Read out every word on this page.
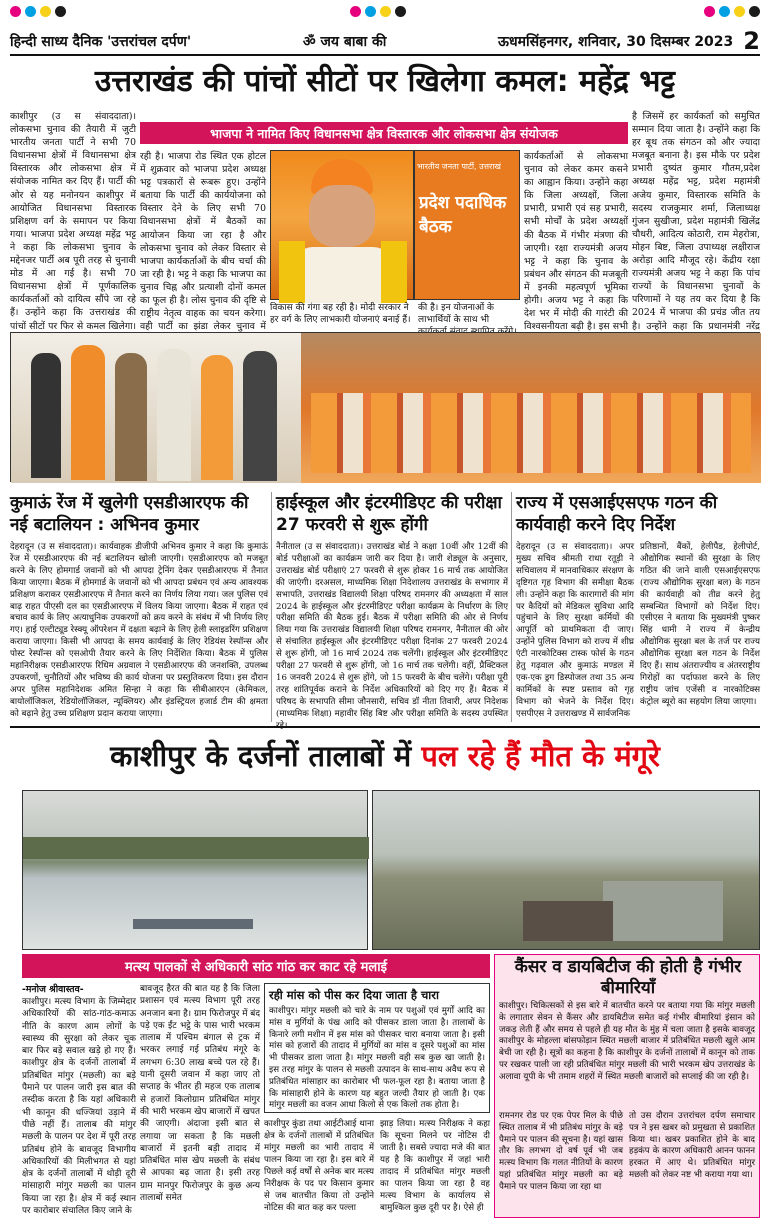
हिन्दी साध्य दैनिक 'उत्तरांचल दर्पण'	ॐ जय बाबा की	ऊधमसिंहनगर, शनिवार, 30 दिसम्बर 2023 2
उत्तराखंड की पांचों सीटों पर खिलेगा कमल: महेंद्र भट्ट
भाजपा ने नामित किए विधानसभा क्षेत्र विस्तारक और लोकसभा क्षेत्र संयोजक
काशीपुर (उ स संवाददाता)। लोकसभा चुनाव की तैयारी में जुटी भारतीय जनता पार्टी ने सभी 70 विधानसभा क्षेत्रों में विधानसभा क्षेत्र विस्तारक और लोकसभा क्षेत्र में संयोजक नामित कर दिए हैं। पार्टी की ओर से यह मनोनयन काशीपुर में आयोजित विधानसभा विस्तारक प्रशिक्षण वर्ग के समापन पर किया गया। भाजपा प्रदेश अध्यक्ष महेंद्र भट्ट ने कहा कि लोकसभा चुनाव के मद्देनजर पार्टी अब पूरी तरह से चुनावी मोड में आ गई है। सभी 70 विधानसभा क्षेत्रों में पूर्णकालिक कार्यकर्ताओं को दायित्व सौंपे जा रहे हैं। उन्होंने कहा कि उत्तराखंड की पांचों सीटों पर फिर से कमल खिलेगा।
रही है। भाजपा रोड स्थित एक होटल में शुक्रवार को भाजपा प्रदेश अध्यक्ष भट्ट पत्रकारों से रूबरू हुए। उन्होंने बताया कि पार्टी की कार्ययोजना को विस्तार देने के लिए सभी 70 विधानसभा क्षेत्रों में बैठकों का आयोजन किया जा रहा है और लोकसभा चुनाव को लेकर विस्तार से भाजपा कार्यकर्ताओं के बीच चर्चा की जा रही है। भट्ट ने कहा कि भाजपा का चुनाव चिह्न और प्रत्याशी दोनों कमल का फूल ही है। लोस चुनाव की दृष्टि से राष्ट्रीय नेतृत्व वाहक का चयन करेगा। वही पार्टी का झंडा लेकर चुनाव में
भारतीय जनता पार्टी, उत्तराखं
प्रदेश पदाधिक बैठक
विकास की गंगा बह रही है। मोदी सरकार ने हर वर्ग के लिए लाभकारी योजनाएं बनाई हैं।
की है। इन योजनाओं के लाभार्थियों के साथ भी
कार्यकर्ताओं से लोकसभा चुनाव को लेकर कमर कसने का आह्वान किया। उन्होंने कहा कि जिला अध्यक्षों, जिला प्रभारी, प्रभारी एवं सह प्रभारी, सभी मोर्चों के प्रदेश अध्यक्षों की बैठक में गंभीर मंत्रणा की जाएगी। रक्षा राज्यमंत्री अजय भट्ट ने कहा कि चुनाव के प्रबंधन और संगठन की मजबूती में इनकी महत्वपूर्ण भूमिका होगी। अजय भट्ट ने कहा कि देश भर में मोदी की गारंटी की विश्वसनीयता बढ़ी है। इस सभी
है जिसमें हर कार्यकर्ता को समुचित सम्मान दिया जाता है। उन्होंने कहा कि हर बूथ तक संगठन को और ज्यादा मजबूत बनाना है। इस मौके पर प्रदेश प्रभारी दुष्यंत कुमार गौतम,प्रदेश अध्यक्ष महेंद्र भट्ट, प्रदेश महामंत्री अजेय कुमार, विस्तारक समिति के सदस्य राजकुमार शर्मा, जिलाध्यक्ष गुंजन सुखीजा, प्रदेश महामंत्री खिलेंद्र चौधरी, आदित्य कोठारी, राम मेहरोत्रा, मोहन बिष्ट, जिला उपाध्यक्ष लक्षीराज अरोड़ा आदि मौजूद रहे। केंद्रीय रक्षा राज्यमंत्री अजय भट्ट ने कहा कि पांच राज्यों के विधानसभा चुनावों के परिणामों ने यह तय कर दिया है कि 2024 में भाजपा की प्रचंड जीत तय है। उन्होंने कहा कि प्रधानमंत्री नरेंद्र
कुमाऊं रेंज में खुलेगी एसडीआरएफ की नई बटालियन : अभिनव कुमार
देहरादून (उ स संवाददाता)। कार्यवाहक डीजीपी अभिनव कुमार ने कहा कि कुमाऊं रेंज में एसडीआरएफ की नई बटालियन खोली जाएगी। एसडीआरएफ को मजबूत करने के लिए होमगार्ड जवानों को भी आपदा ट्रेनिंग देकर एसडीआरएफ में तैनात किया जाएगा। बैठक में होमगार्ड के जवानों को भी आपदा प्रबंधन एवं अन्य आवश्यक प्रशिक्षण कराकर एसडीआरएफ में तैनात करने का निर्णय लिया गया। जल पुलिस एवं बाढ़ राहत पीएसी दल का एसडीआरएफ में विलय किया जाएगा। बैठक में राहत एवं बचाव कार्य के लिए अत्याधुनिक उपकरणों को क्रय करने के संबंध में भी निर्णय लिए गए। हाई एल्टीट्यूड रेस्क्यू ऑपरेशन में दक्षता बढ़ाने के लिए हेली स्लाइडरिंग प्रशिक्षण कराया जाएगा। किसी भी आपदा के समय कार्यवाई के लिए रेडियंस रेस्पॉन्स और पोस्ट रेस्पॉन्स को एसओपी तैयार करने के लिए निर्देशित किया। बैठक में पुलिस महानिरीक्षक एसडीआरएफ रिधिम अग्रवाल ने एसडीआरएफ की जनशक्ति, उपलब्ध उपकरणों, चुनौतियों और भविष्य की कार्य योजना पर प्रस्तुतिकरण दिया। इस दौरान अपर पुलिस महानिदेशक अमित सिन्हा ने कहा कि सीबीआरएन (केमिकल, बायोलॉजिकल, रेडियोलॉजिकल, न्यूक्लियर) और इंडस्ट्रियल हजार्ड टीम की क्षमता को बढ़ाने हेतु उच्च प्रशिक्षण प्रदान कराया जाएगा।
हाईस्कूल और इंटरमीडिएट की परीक्षा 27 फरवरी से शुरू होंगी
नैनीताल (उ स संवाददाता)। उत्तराखंड बोर्ड ने कक्षा 10वीं और 12वीं की बोर्ड परीक्षाओं का कार्यक्रम जारी कर दिया है। जारी शेड्यूल के अनुसार, उत्तराखंड बोर्ड परीक्षाएं 27 फरवरी से शुरू होकर 16 मार्च तक आयोजित की जाएंगी। दरअसल, माध्यमिक शिक्षा निदेशालय उत्तराखंड के सभागार में सभापति, उत्तराखंड विद्यालयी शिक्षा परिषद रामनगर की अध्यक्षता में साल 2024 के हाईस्कूल और इंटरमीडिएट परीक्षा कार्यक्रम के निर्धारण के लिए परीक्षा समिति की बैठक हुई। बैठक में परीक्षा समिति की ओर से निर्णय लिया गया कि उत्तराखंड विद्यालयी शिक्षा परिषद रामनगर, नैनीताल की ओर से संचालित हाईस्कूल और इंटरमीडिएट परीक्षा दिनांक 27 फरवरी 2024 से शुरू होंगी, जो 16 मार्च 2024 तक चलेंगी। हाईस्कूल और इंटरमीडिएट परीक्षा 27 फरवरी से शुरू होंगी, जो 16 मार्च तक चलेंगी। वहीं, प्रैक्टिकल 16 जनवरी 2024 से शुरू होंगे, जो 15 फरवरी के बीच चलेंगे। परीक्षा पूरी तरह शांतिपूर्वक कराने के निर्देश अधिकारियों को दिए गए हैं। बैठक में परिषद के सभापति सीमा जौनसारी, सचिव डॉ नीता तिवारी, अपर निदेशक (माध्यमिक शिक्षा) महावीर सिंह बिष्ट और परीक्षा समिति के सदस्य उपस्थित
राज्य में एसआईएसएफ गठन की कार्यवाही करने दिए निर्देश
देहरादून (उ स संवाददाता)। अपर मुख्य सचिव श्रीमती राधा रतूड़ी ने सचिवालय में मानवाधिकार संरक्षण के दृष्टिगत गृह विभाग की समीक्षा बैठक ली। उन्होंने कहा कि कारागारों की मांग पर कैदियों को मेडिकल सुविधा आदि पहुंचाने के लिए सुरक्षा कर्मियों की आपूर्ति को प्राथमिकता दी जाए। उन्होंने पुलिस विभाग को राज्य में शीघ्र एंटी नारकोटिक्स टास्क फोर्स के गठन हेतु गढ़वाल और कुमाऊं मण्डल में एक-एक ड्रग डिस्पोजल तथा 35 अन्य कार्मिकों के स्पष्ट प्रस्ताव को गृह विभाग को भेजने के निर्देश दिए। एसपीएस ने उत्तराखण्ड में सार्वजनिक
प्रतिष्ठानों, बैंकों, हेलीपैड, हेलीपोर्ट, औद्योगिक स्थानों की सुरक्षा के लिए गठित की जाने वाली एसआईएसएफ (राज्य औद्योगिक सुरक्षा बल) के गठन की कार्यवाही को तीव्र करने हेतु सम्बन्धित विभागों को निर्देश दिए। एसीएस ने बताया कि मुख्यमंत्री पुष्कर सिंह धामी ने राज्य में केन्द्रीय औद्योगिक सुरक्षा बल के तर्ज पर राज्य औद्योगिक सुरक्षा बल गठन के निर्देश दिए हैं। साथ अंतराज्यीय व अंतरराष्ट्रीय गिरोहों का पर्दाफाश करने के लिए राष्ट्रीय जांच एजेंसी व नारकोटिक्स कंट्रोल ब्यूरो का सहयोग लिया जाएगा।
काशीपुर के दर्जनों तालाबों में पल रहे हैं मौत के मंगूरे
मत्स्य पालकों से अधिकारी सांठ गांठ कर काट रहे मलाई
-मनोज श्रीवास्तव-
काशीपुर। मत्स्य विभाग के जिम्मेदार अधिकारियों की सांठ-गांठ-कमाऊ नीति के कारण आम लोगों के स्वास्थ्य की सुरक्षा को लेकर चूक बार फिर बड़े सवाल खड़े हो गए हैं। काशीपुर क्षेत्र के दर्जनों तालाबों में प्रतिबंधित मांगुर (मछली) का बड़े पैमाने पर पालन जारी इस बात की तस्दीक करता है कि यहां अधिकारी भी कानून की धज्जियां उड़ाने में पीछे नहीं हैं। तालाब की मांगुर मछली के पालन पर देश में पूरी तरह प्रतिबंध होने के बावजूद विभागीय अधिकारियों की मिलीभगत से यहां क्षेत्र के दर्जनों तालाबों में थोड़ी दूरी मांसाहारी मांगुर मछली का पालन किया जा रहा है। क्षेत्र में कई स्थान पर कारोबार संचालित किए जाने के
बावजूद हैरत की बात यह है कि जिला प्रशासन एवं मत्स्य विभाग पूरी तरह अनजान बना है। ग्राम फिरोजपुर में बंद पड़े एक ईंट भट्ठे के पास भारी भरकम तालाब में पश्चिम बंगाल से ट्रक में भरकर लगाई गई प्रतिबंध मंगूरे के लगभग 6:30 लाख बच्चे पल रहे हैं। यानी दूसरी जवान में कहा जाए तो सप्ताह के भीतर ही महज एक तालाब से हजारों किलोग्राम प्रतिबंधित मांगुर की भारी भरकम खेप बाजारों में खपत की जाएगी। अंदाजा इसी बात से लगाया जा सकता है कि मछली बाजारों में इतनी बड़ी तादाद में प्रतिबंधित मांस खेप मछली के संबंध से आपका बढ़ जाता है। इसी तरह ग्राम मानपुर फिरोजपुर के कुछ अन्य तालाबों समेत
रही मांस को पीस कर दिया जाता है चारा
काशीपुर। मांगुर मछली को चारे के नाम पर पशुओं एवं मुर्गों आदि का मांस व मुर्गियों के पंख आदि को पीसकर डाला जाता है। तालाबों के किनारे लगी मशीन में इस मांस को पीसकर चारा बनाया जाता है। इसी मांस को हजारों की तादाद में मुर्गियों का मांस व दूसरे पशुओं का मांस भी पीसकर डाला जाता है। मांगुर मछली वही सब कुछ खा जाती है। इस तरह मांगुर के पालन से मछली उत्पादन के साथ-साथ अवैध रूप से प्रतिबंधित मांसाहार का कारोबार भी फल-फूल रहा है। बताया जाता है कि मांसाहारी होने के कारण यह बहुत जल्दी तैयार हो जाती है। एक मांगुर मछली का वजन आधा किलो से एक किलो तक होता है।
काशीपुर कुंडा तथा आईटीआई थाना क्षेत्र के दर्जनों तालाबों में प्रतिबंधित मांगुर मछली का भारी तादाद में पालन किया जा रहा है। इस बारे में पिछले कई वर्षों से अनेक बार मत्स्य निरीक्षक के पद पर किसान कुमार से जब बातचीत किया तो उन्होंने नोटिस की बात कह कर पल्ला
झाड़ लिया। मत्स्य निरीक्षक ने कहा कि सूचना मिलने पर नोटिस दी जाती है। सबसे ज्यादा मजे की बात यह है कि काशीपुर में जहां भारी तादाद में प्रतिबंधित मांगुर मछली का पालन किया जा रहा है वह मत्स्य विभाग के कार्यालय से बामुश्किल कुछ दूरी पर है। ऐसे ही
कैंसर व डायबिटीज की होती है गंभीर बीमारियाँ
काशीपुर। चिकित्सकों से इस बारे में बातचीत करने पर बताया गया कि मांगुर मछली के लगातार सेवन से कैंसर और डायबिटीज समेत कई गंभीर बीमारियां इंसान को जकड़ लेती हैं और समय से पहले ही यह मौत के मुंह में चला जाता है इसके बावजूद काशीपुर के मोहल्ला बांसफोड़ान स्थित मछली बाजार में प्रतिबंधित मछली खुले आम बेची जा रही है। सूत्रों का कहना है कि काशीपुर के दर्जनों तालाबों में कानून को ताक पर रखकर पाली जा रही प्रतिबंधित मांगुर मछली की भारी भरकम खेप उत्तराखंड के अलावा यूपी के भी तमाम शहरों में स्थित मछली बाजारों को सप्लाई की जा रही है।
रामनगर रोड पर एक पेपर मिल के पीछे स्थित तालाब में भी प्रतिबंध मांगुर के बड़े पैमाने पर पालन की सूचना है। यहां खास तौर कि लगभग दो वर्ष पूर्व भी जब मत्स्य विभाग कि गलत नीतियों के कारण यहां प्रतिबंधित मांगुर मछली का बड़े पैमाने पर पालन किया जा रहा था
तो उस दौरान उत्तरांचल दर्पण समाचार पत्र ने इस खबर को प्रमुखता से प्रकाशित किया था। खबर प्रकाशित होने के बाद हड़कंप के कारण अधिकारी आनन फानन हरकत में आए थे। प्रतिबंधित मांगुर मछली को लेकर नष्ट भी कराया गया था।
